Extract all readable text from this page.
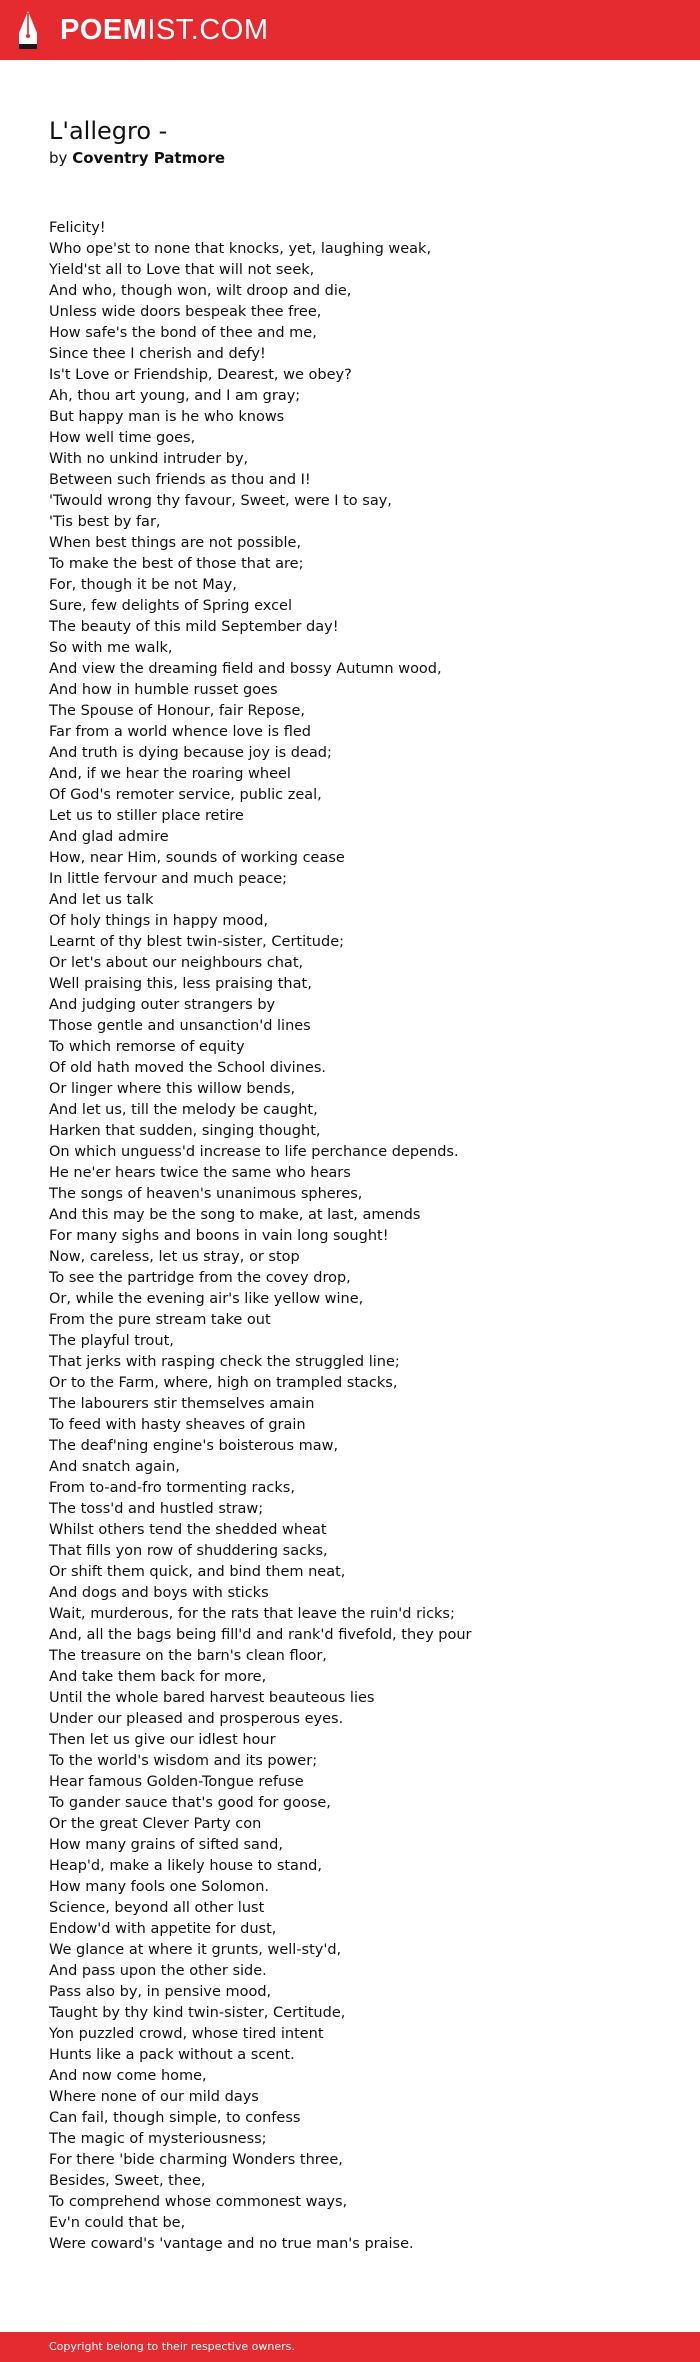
POEMIST.COM
L'allegro -
by Coventry Patmore
Felicity!
Who ope'st to none that knocks, yet, laughing weak,
Yield'st all to Love that will not seek,
And who, though won, wilt droop and die,
Unless wide doors bespeak thee free,
How safe's the bond of thee and me,
Since thee I cherish and defy!
Is't Love or Friendship, Dearest, we obey?
Ah, thou art young, and I am gray;
But happy man is he who knows
How well time goes,
With no unkind intruder by,
Between such friends as thou and I!
'Twould wrong thy favour, Sweet, were I to say,
'Tis best by far,
When best things are not possible,
To make the best of those that are;
For, though it be not May,
Sure, few delights of Spring excel
The beauty of this mild September day!
So with me walk,
And view the dreaming field and bossy Autumn wood,
And how in humble russet goes
The Spouse of Honour, fair Repose,
Far from a world whence love is fled
And truth is dying because joy is dead;
And, if we hear the roaring wheel
Of God's remoter service, public zeal,
Let us to stiller place retire
And glad admire
How, near Him, sounds of working cease
In little fervour and much peace;
And let us talk
Of holy things in happy mood,
Learnt of thy blest twin-sister, Certitude;
Or let's about our neighbours chat,
Well praising this, less praising that,
And judging outer strangers by
Those gentle and unsanction'd lines
To which remorse of equity
Of old hath moved the School divines.
Or linger where this willow bends,
And let us, till the melody be caught,
Harken that sudden, singing thought,
On which unguess'd increase to life perchance depends.
He ne'er hears twice the same who hears
The songs of heaven's unanimous spheres,
And this may be the song to make, at last, amends
For many sighs and boons in vain long sought!
Now, careless, let us stray, or stop
To see the partridge from the covey drop,
Or, while the evening air's like yellow wine,
From the pure stream take out
The playful trout,
That jerks with rasping check the struggled line;
Or to the Farm, where, high on trampled stacks,
The labourers stir themselves amain
To feed with hasty sheaves of grain
The deaf'ning engine's boisterous maw,
And snatch again,
From to-and-fro tormenting racks,
The toss'd and hustled straw;
Whilst others tend the shedded wheat
That fills yon row of shuddering sacks,
Or shift them quick, and bind them neat,
And dogs and boys with sticks
Wait, murderous, for the rats that leave the ruin'd ricks;
And, all the bags being fill'd and rank'd fivefold, they pour
The treasure on the barn's clean floor,
And take them back for more,
Until the whole bared harvest beauteous lies
Under our pleased and prosperous eyes.
Then let us give our idlest hour
To the world's wisdom and its power;
Hear famous Golden-Tongue refuse
To gander sauce that's good for goose,
Or the great Clever Party con
How many grains of sifted sand,
Heap'd, make a likely house to stand,
How many fools one Solomon.
Science, beyond all other lust
Endow'd with appetite for dust,
We glance at where it grunts, well-sty'd,
And pass upon the other side.
Pass also by, in pensive mood,
Taught by thy kind twin-sister, Certitude,
Yon puzzled crowd, whose tired intent
Hunts like a pack without a scent.
And now come home,
Where none of our mild days
Can fail, though simple, to confess
The magic of mysteriousness;
For there 'bide charming Wonders three,
Besides, Sweet, thee,
To comprehend whose commonest ways,
Ev'n could that be,
Were coward's 'vantage and no true man's praise.
Copyright belong to their respective owners.
